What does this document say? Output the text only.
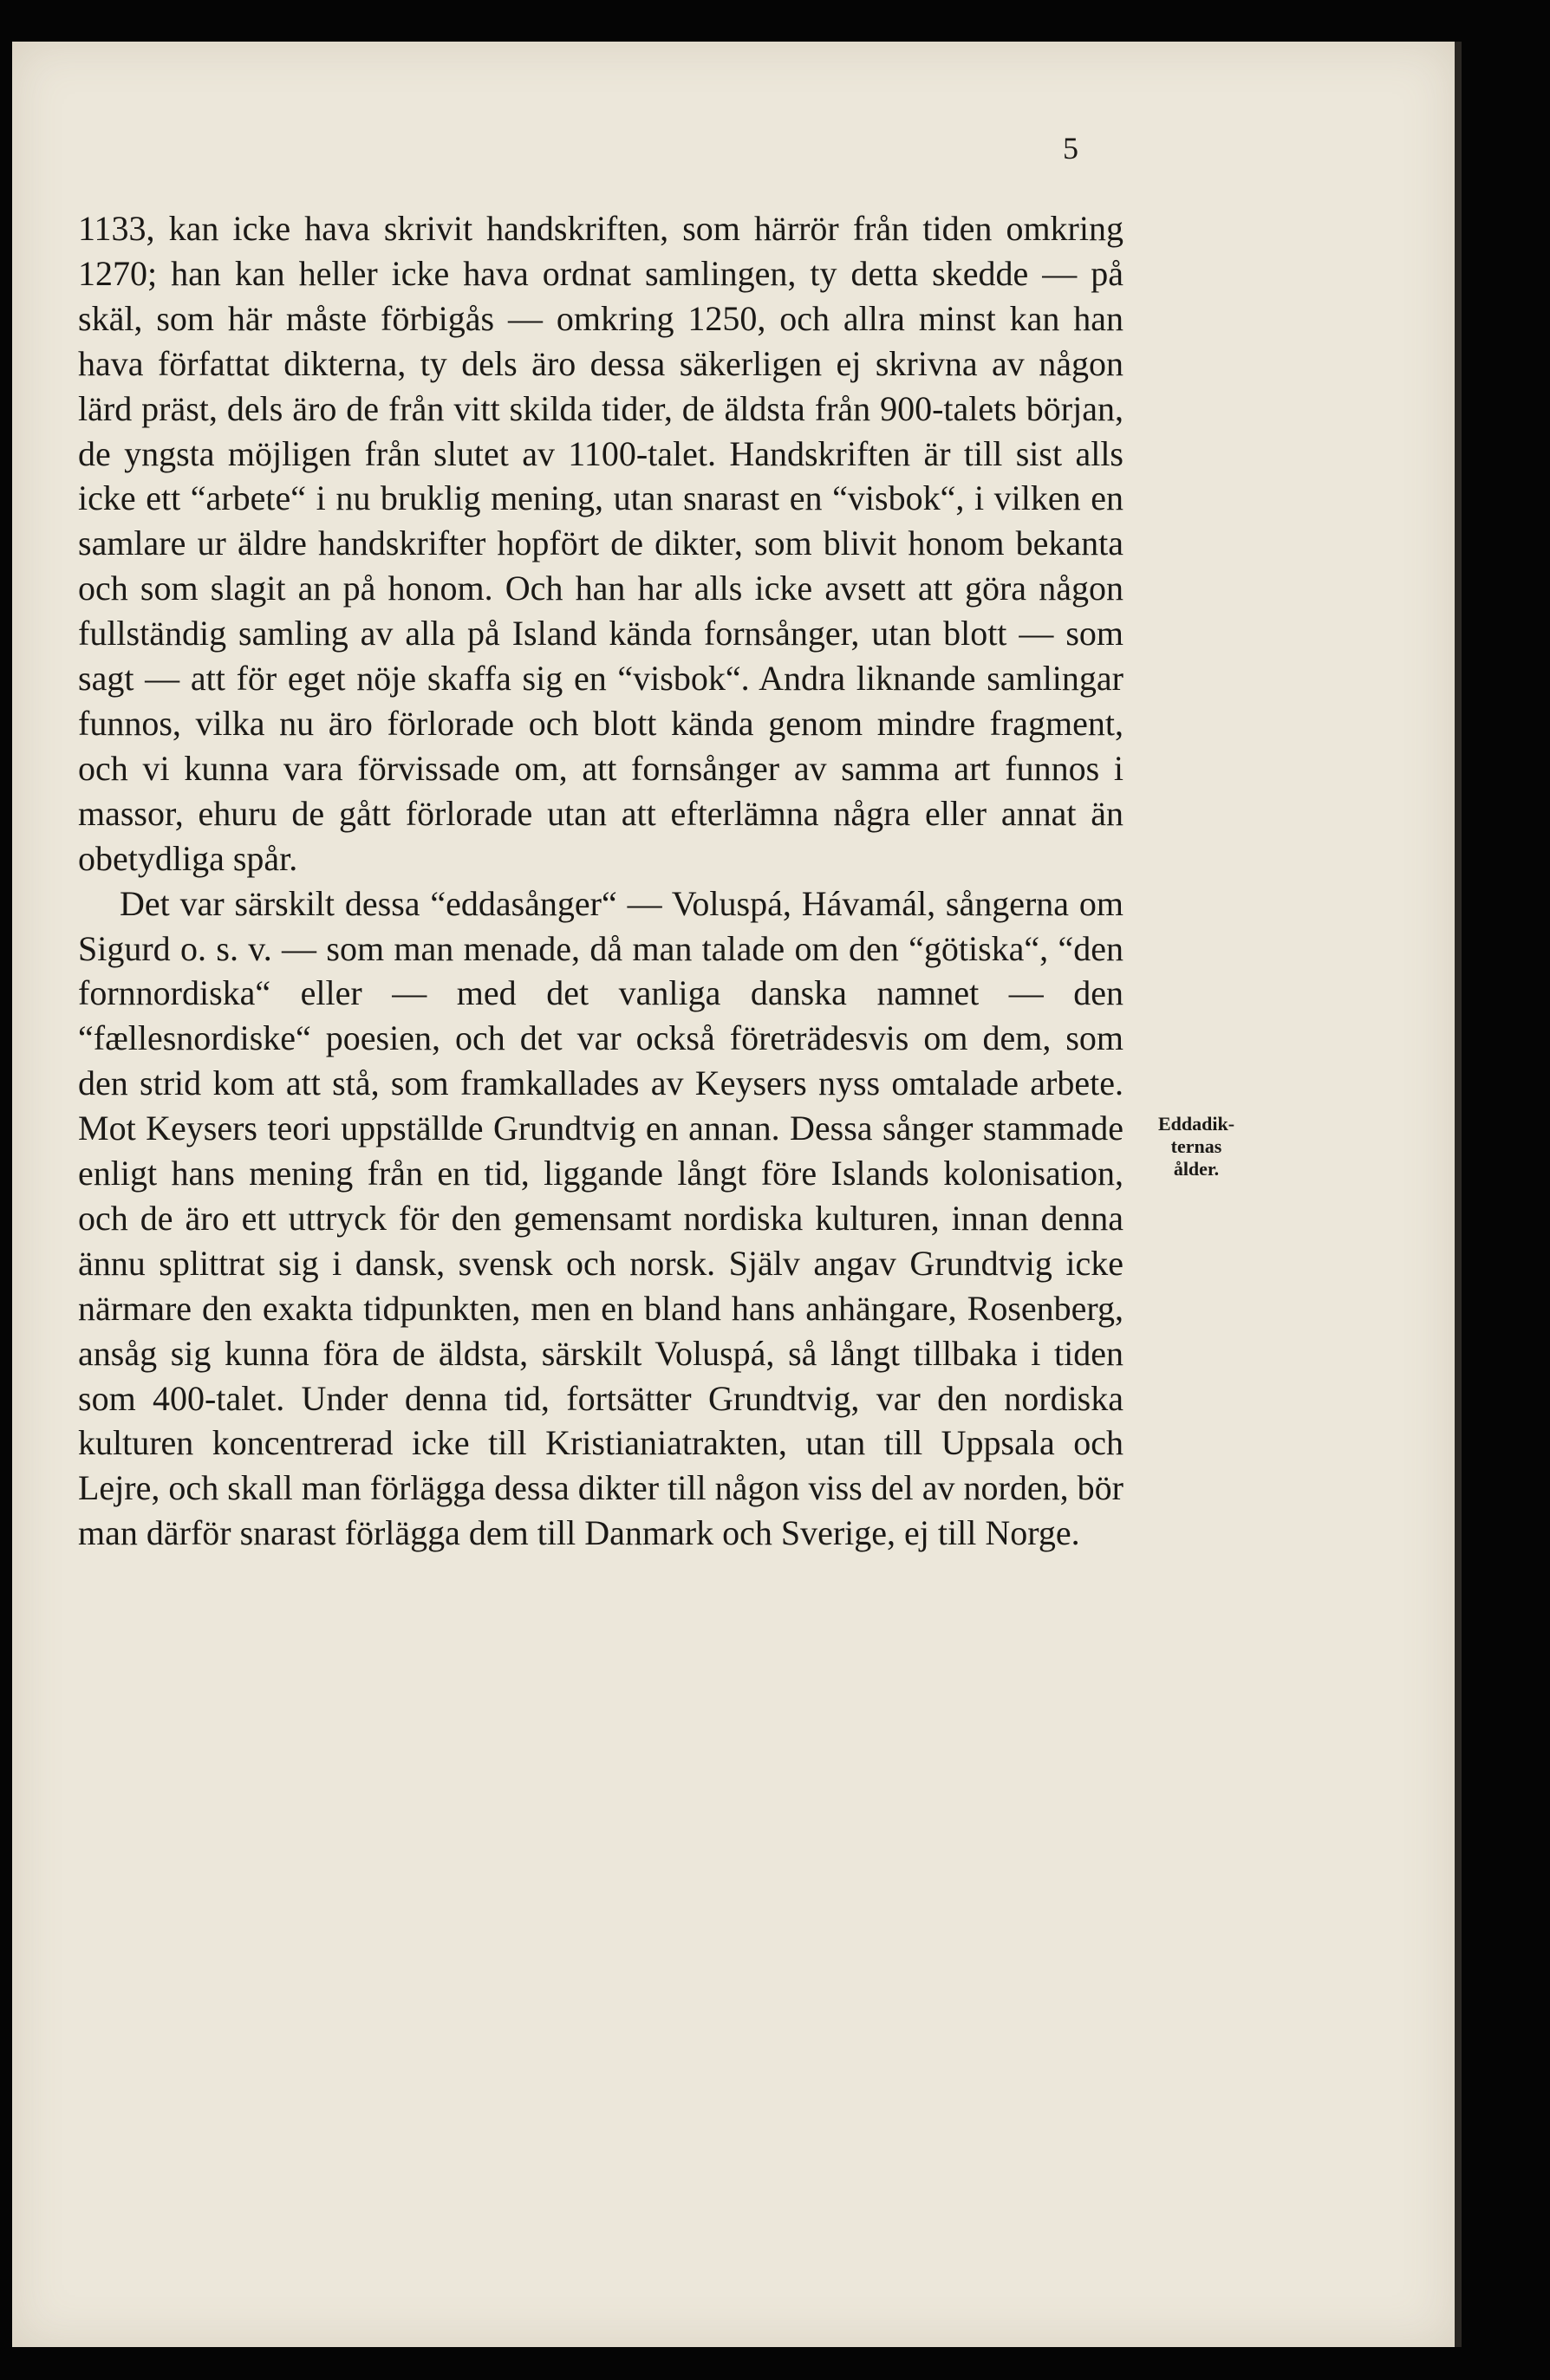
5

1133, kan icke hava skrivit handskriften, som härrör från tiden omkring 1270; han kan heller icke hava ordnat samlingen, ty detta skedde — på skäl, som här måste förbigås — omkring 1250, och allra minst kan han hava författat dikterna, ty dels äro dessa säkerligen ej skrivna av någon lärd präst, dels äro de från vitt skilda tider, de äldsta från 900-talets början, de yngsta möjligen från slutet av 1100-talet. Handskriften är till sist alls icke ett “arbete“ i nu bruklig mening, utan snarast en “visbok“, i vilken en samlare ur äldre handskrifter hopfört de dikter, som blivit honom bekanta och som slagit an på honom. Och han har alls icke avsett att göra någon fullständig samling av alla på Island kända fornsånger, utan blott — som sagt — att för eget nöje skaffa sig en “visbok“. Andra liknande samlingar funnos, vilka nu äro förlorade och blott kända genom mindre fragment, och vi kunna vara förvissade om, att fornsånger av samma art funnos i massor, ehuru de gått förlorade utan att efterlämna några eller annat än obetydliga spår.

Det var särskilt dessa “eddasånger“ — Voluspá, Hávamál, sångerna om Sigurd o. s. v. — som man menade, då man talade om den “götiska“, “den fornnordiska“ eller — med det vanliga danska namnet — den “fællesnordiske“ poesien, och det var också företrädesvis om dem, som den strid kom att stå, som framkallades av Keysers nyss omtalade arbete. Mot Keysers teori uppställde Grundtvig en annan. Dessa sånger stammade enligt hans mening från en tid, liggande långt före Islands kolonisation, och de äro ett uttryck för den gemensamt nordiska kulturen, innan denna ännu splittrat sig i dansk, svensk och norsk. Själv angav Grundtvig icke närmare den exakta tidpunkten, men en bland hans anhängare, Rosenberg, ansåg sig kunna föra de äldsta, särskilt Voluspá, så långt tillbaka i tiden som 400-talet. Under denna tid, fortsätter Grundtvig, var den nordiska kulturen koncentrerad icke till Kristianiatrakten, utan till Uppsala och Lejre, och skall man förlägga dessa dikter till någon viss del av norden, bör man därför snarast förlägga dem till Danmark och Sverige, ej till Norge.

Eddadik-
ternas
ålder.
